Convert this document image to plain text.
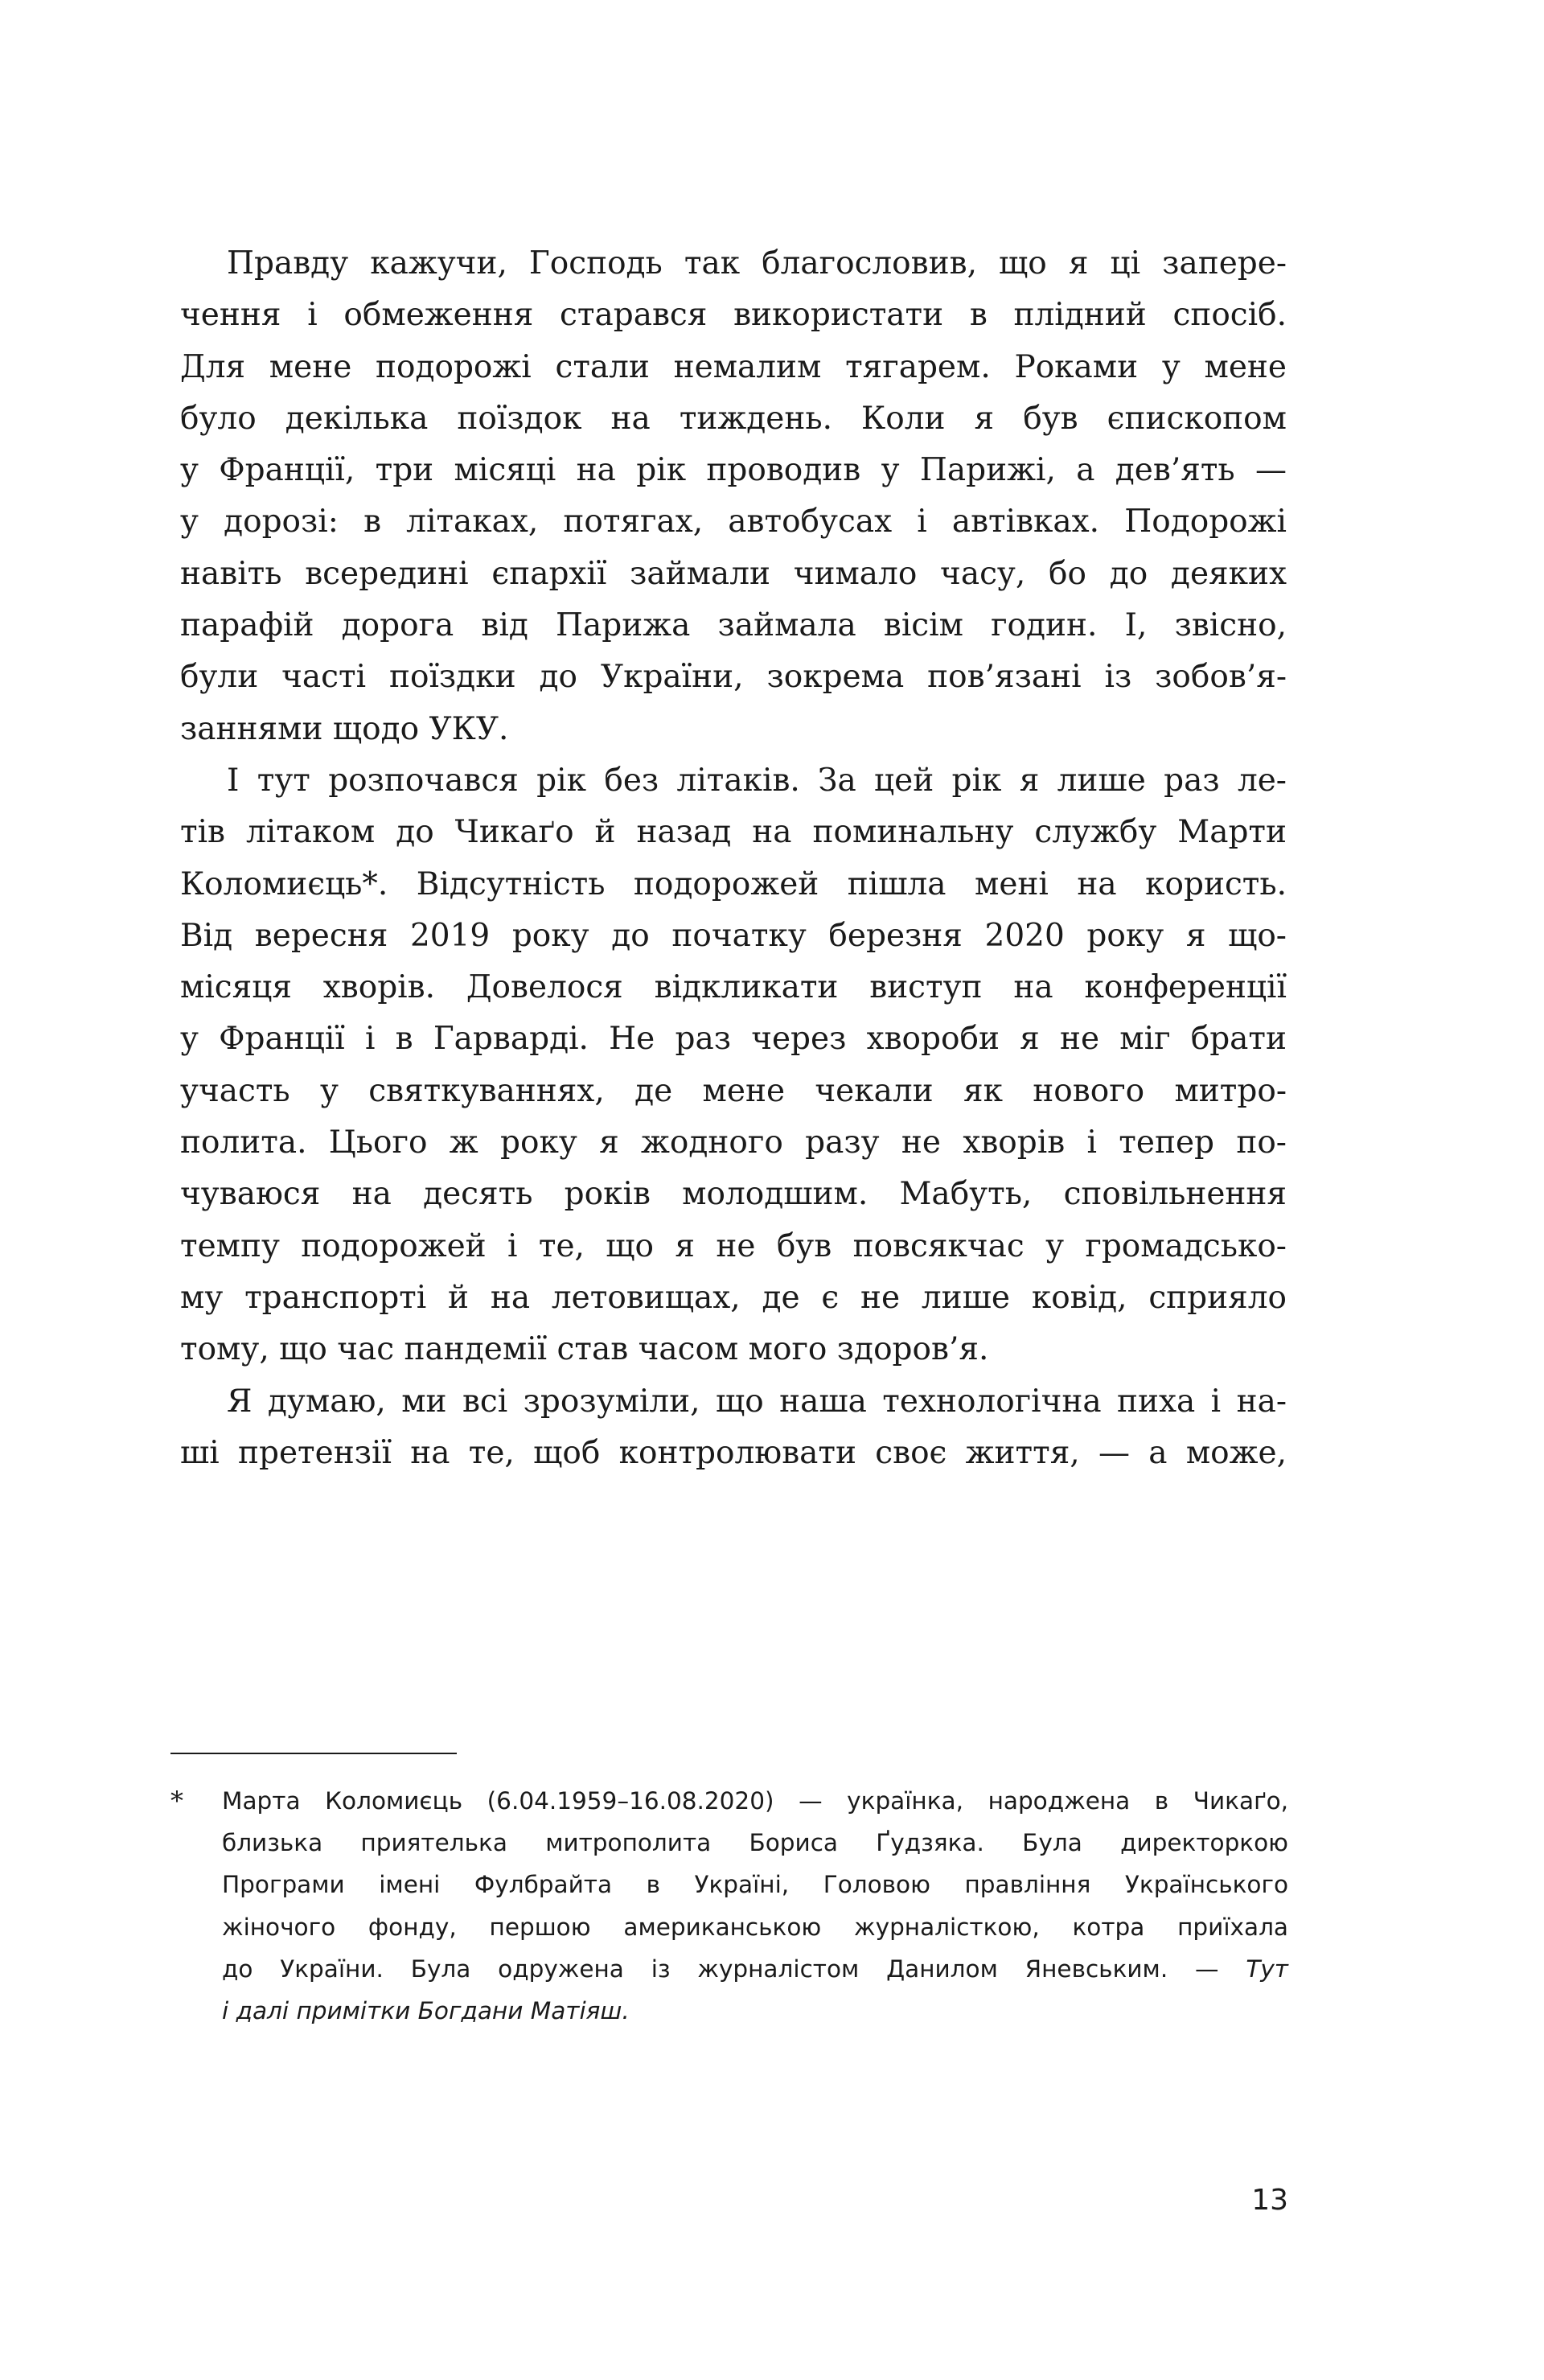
Правду кажучи, Господь так благословив, що я ці запере-
чення і обмеження старався використати в плідний спосіб.
Для мене подорожі стали немалим тягарем. Роками у мене
було декілька поїздок на тиждень. Коли я був єпископом
у Франції, три місяці на рік проводив у Парижі, а дев’ять —
у дорозі: в літаках, потягах, автобусах і автівках. Подорожі
навіть всередині єпархії займали чимало часу, бо до деяких
парафій дорога від Парижа займала вісім годин. І, звісно,
були часті поїздки до України, зокрема пов’язані із зобов’я-
заннями щодо УКУ.
І тут розпочався рік без літаків. За цей рік я лише раз ле-
тів літаком до Чикаґо й назад на поминальну службу Марти
Коломиєць*. Відсутність подорожей пішла мені на користь.
Від вересня 2019 року до початку березня 2020 року я що-
місяця хворів. Довелося відкликати виступ на конференції
у Франції і в Гарварді. Не раз через хвороби я не міг брати
участь у святкуваннях, де мене чекали як нового митро-
полита. Цього ж року я жодного разу не хворів і тепер по-
чуваюся на десять років молодшим. Мабуть, сповільнення
темпу подорожей і те, що я не був повсякчас у громадсько-
му транспорті й на летовищах, де є не лише ковід, сприяло
тому, що час пандемії став часом мого здоров’я.
Я думаю, ми всі зрозуміли, що наша технологічна пиха і на-
ші претензії на те, щоб контролювати своє життя, — а може,
* Марта Коломиєць (6.04.1959–16.08.2020) — українка, народжена в Чикаґо,
близька приятелька митрополита Бориса Ґудзяка. Була директоркою
Програми імені Фулбрайта в Україні, Головою правління Українського
жіночого фонду, першою американською журналісткою, котра приїхала
до України. Була одружена із журналістом Данилом Яневським. — Тут
і далі примітки Богдани Матіяш.
13
